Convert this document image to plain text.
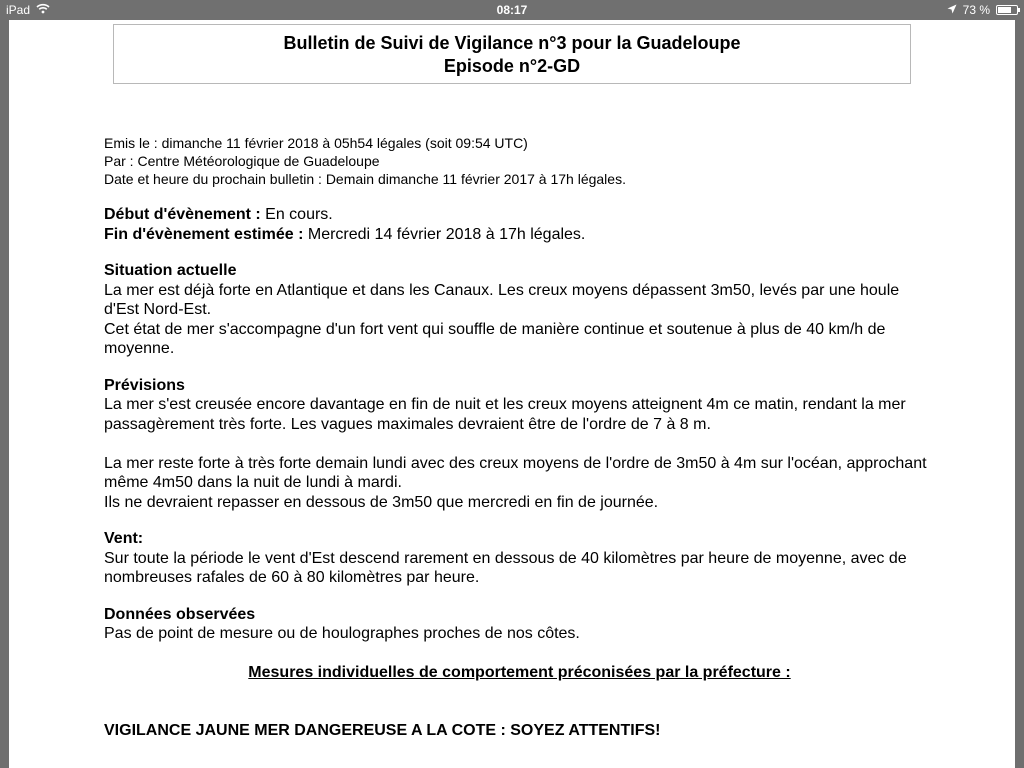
iPad	08:17	73 %
Bulletin de Suivi de Vigilance n°3 pour la Guadeloupe
Episode n°2-GD
Emis le : dimanche 11 février 2018 à 05h54 légales (soit 09:54 UTC)
Par : Centre Météorologique de Guadeloupe
Date et heure du prochain bulletin : Demain dimanche 11 février 2017 à 17h légales.

Début d'évènement : En cours.

Fin d'évènement estimée : Mercredi 14 février 2018 à 17h légales.

Situation actuelle

La mer est déjà forte en Atlantique et dans les Canaux. Les creux moyens dépassent 3m50, levés par une houle d'Est Nord-Est.

Cet état de mer s'accompagne d'un fort vent qui souffle de manière continue et soutenue à plus de 40 km/h de moyenne.

Prévisions

La mer s'est creusée encore davantage en fin de nuit et les creux moyens atteignent 4m ce matin, rendant la mer passagèrement très forte. Les vagues maximales devraient être de l'ordre de 7 à 8 m.

La mer reste forte à très forte demain lundi avec des creux moyens de l'ordre de 3m50 à 4m sur l'océan, approchant même 4m50 dans la nuit de lundi à mardi.

Ils ne devraient repasser en dessous de 3m50 que mercredi en fin de journée.

Vent:

Sur toute la période le vent d'Est descend rarement en dessous de 40 kilomètres par heure de moyenne, avec de nombreuses rafales de 60 à 80 kilomètres par heure.

Données observées

Pas de point de mesure ou de houlographes proches de nos côtes.

Mesures individuelles de comportement préconisées par la préfecture :
VIGILANCE JAUNE MER DANGEREUSE A LA COTE : SOYEZ ATTENTIFS!
